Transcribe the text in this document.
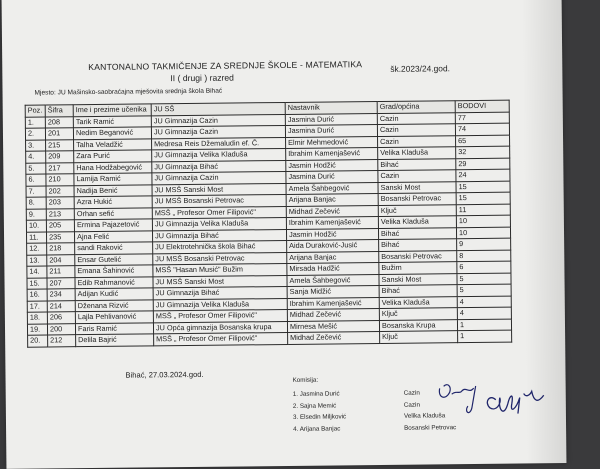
KANTONALNO TAKMIČENJE ZA SREDNJE ŠKOLE - MATEMATIKA	šk.2023/24.god.
II ( drugi ) razred
Mjesto: JU Mašinsko-saobraćajna mješovita srednja škola Bihać
Poz.	Šifra	Ime i prezime učenika	JU SŠ	Nastavnik	Grad/općina	BODOVI
1.	208	Tarik Ramić	JU Gimnazija Cazin	Jasmina Durić	Cazin	77
2.	201	Nedim Beganović	JU Gimnazija Cazin	Jasmina Durić	Cazin	74
3.	215	Talha Veladžić	Medresa Reis Džemaludin ef. Č.	Elmir Mehmedović	Cazin	65
4.	209	Zara Purić	JU Gimnazija Velika Kladuša	Ibrahim Kamenjašević	Velika Kladuša	32
5.	217	Hana Hodžabegović	JU Gimnazija Bihać	Jasmin Hodžić	Bihać	29
6.	210	Lamija Ramić	JU Gimnazija Cazin	Jasmina Durić	Cazin	24
7.	202	Nadija Benić	JU MSŠ Sanski Most	Amela Šahbegović	Sanski Most	15
8.	203	Azra Hukić	JU MSŠ Bosanski Petrovac	Arijana Banjac	Bosanski Petrovac	15
9.	213	Orhan sefić	MSŠ „ Profesor Omer Filipović"	Midhad Zečević	Ključ	11
10.	205	Ermina Pajazetović	JU Gimnazija Velika Kladuša	Ibrahim Kamenjašević	Velika Kladuša	10
11.	235	Ajna Felić	JU Gimnazija Bihać	Jasmin Hodžić	Bihać	10
12.	218	sandi Raković	JU Elektrotehnička škola Bihać	Aida Duraković-Jusić	Bihać	9
13.	204	Ensar Gutelić	JU MSŠ Bosanski Petrovac	Arijana Banjac	Bosanski Petrovac	8
14.	211	Emana Šahinović	MSŠ "Hasan Musić" Bužim	Mirsada Hadžić	Bužim	6
15.	207	Edib Rahmanović	JU MSŠ Sanski Most	Amela Šahbegović	Sanski Most	5
16.	234	Adijan Kudić	JU Gimnazija Bihać	Sanja Midžić	Bihać	5
17.	214	Dženana Rizvić	JU Gimnazija Velika Kladuša	Ibrahim Kamenjašević	Velika Kladuša	4
18.	206	Lajla Pehlivanović	MSŠ „ Profesor Omer Filipović"	Midhad Zečević	Ključ	4
19.	200	Faris Ramić	JU Opća gimnazija Bosanska krupa	Mirnesa Mešić	Bosanska Krupa	1
20.	212	Delila Bajrić	MSŠ „ Profesor Omer Filipović"	Midhad Zečević	Ključ	1
Bihać, 27.03.2024.god.
Komisija:
1. Jasmina Durić
2. Sajna Memić
3. Elsedin Miljković
4. Arijana Banjac
Cazin
Cazin
Velika Kladuša
Bosanski Petrovac
